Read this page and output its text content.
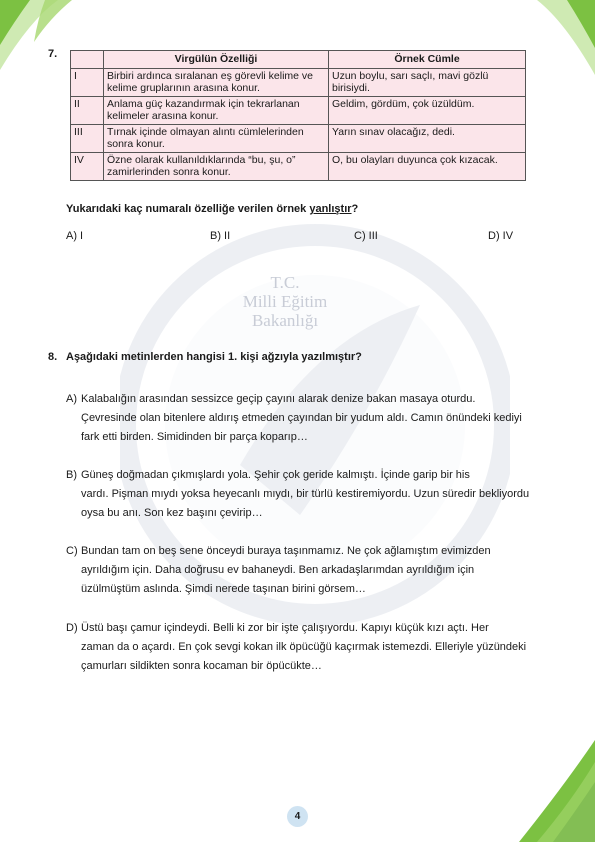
T.C.
Milli Eğitim
Bakanlığı
7.
		Virgülün Özelliği	Örnek Cümle
I	Birbiri ardınca sıralanan eş görevli kelime ve kelime gruplarının arasına konur.	Uzun boylu, sarı saçlı, mavi gözlü birisiydi.
II	Anlama güç kazandırmak için tekrarlanan kelimeler arasına konur.	Geldim, gördüm, çok üzüldüm.
III	Tırnak içinde olmayan alıntı cümlelerinden sonra konur.	Yarın sınav olacağız, dedi.
IV	Özne olarak kullanıldıklarında “bu, şu, o” zamirlerinden sonra konur.	O, bu olayları duyunca çok kızacak.
Yukarıdaki kaç numaralı özelliğe verilen örnek yanlıştır?
A) I	B) II	C) III	D) IV
8. Aşağıdaki metinlerden hangisi 1. kişi ağzıyla yazılmıştır?
A) Kalabalığın arasından sessizce geçip çayını alarak denize bakan masaya oturdu.
Çevresinde olan bitenlere aldırış etmeden çayından bir yudum aldı. Camın önündeki kediyi fark etti birden. Simidinden bir parça koparıp…
B) Güneş doğmadan çıkmışlardı yola. Şehir çok geride kalmıştı. İçinde garip bir his
vardı. Pişman mıydı yoksa heyecanlı mıydı, bir türlü kestiremiyordu. Uzun süredir bekliyordu oysa bu anı. Son kez başını çevirip…
C) Bundan tam on beş sene önceydi buraya taşınmamız. Ne çok ağlamıştım evimizden
ayrıldığım için. Daha doğrusu ev bahaneydi. Ben arkadaşlarımdan ayrıldığım için üzülmüştüm aslında. Şimdi nerede taşınan birini görsem…
D) Üstü başı çamur içindeydi. Belli ki zor bir işte çalışıyordu. Kapıyı küçük kızı açtı. Her
zaman da o açardı. En çok sevgi kokan ilk öpücüğü kaçırmak istemezdi. Elleriyle yüzündeki çamurları sildikten sonra kocaman bir öpücükte…
4
